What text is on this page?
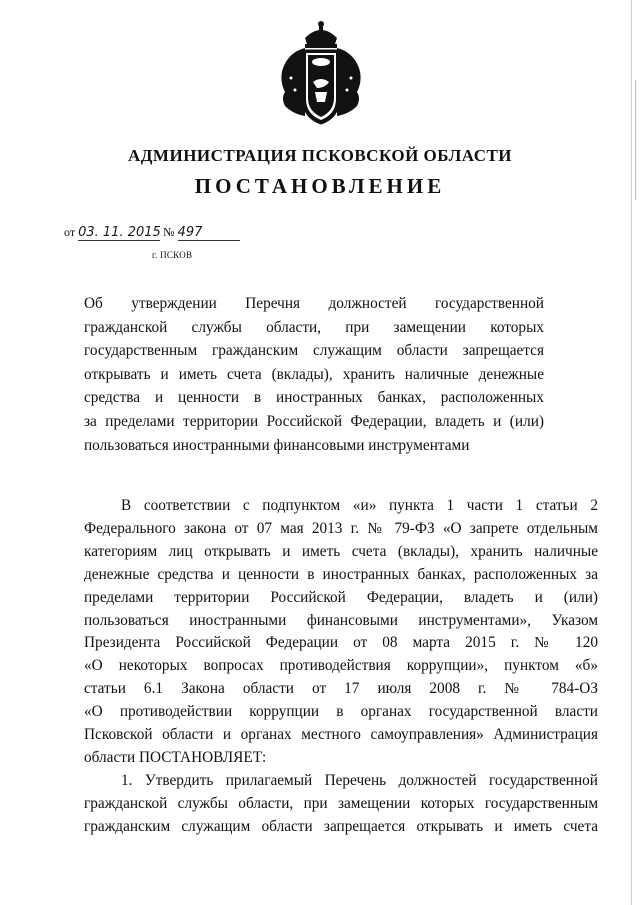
АДМИНИСТРАЦИЯ ПСКОВСКОЙ ОБЛАСТИ
ПОСТАНОВЛЕНИЕ
от 03. 11. 2015 № 497
г. ПСКОВ
Об утверждении Перечня должностей государственной
гражданской службы области, при замещении которых
государственным гражданским служащим области запрещается
открывать и иметь счета (вклады), хранить наличные денежные
средства и ценности в иностранных банках, расположенных
за пределами территории Российской Федерации, владеть и (или)
пользоваться иностранными финансовыми инструментами
В соответствии с подпунктом «и» пункта 1 части 1 статьи 2
Федерального закона от 07 мая 2013 г. № 79-ФЗ «О запрете отдельным
категориям лиц открывать и иметь счета (вклады), хранить наличные
денежные средства и ценности в иностранных банках, расположенных за
пределами территории Российской Федерации, владеть и (или)
пользоваться иностранными финансовыми инструментами», Указом
Президента Российской Федерации от 08 марта 2015 г. № 120
«О некоторых вопросах противодействия коррупции», пунктом «б»
статьи 6.1 Закона области от 17 июля 2008 г. № 784-ОЗ
«О противодействии коррупции в органах государственной власти
Псковской области и органах местного самоуправления» Администрация
области ПОСТАНОВЛЯЕТ:
1. Утвердить прилагаемый Перечень должностей государственной
гражданской службы области, при замещении которых государственным
гражданским служащим области запрещается открывать и иметь счета
